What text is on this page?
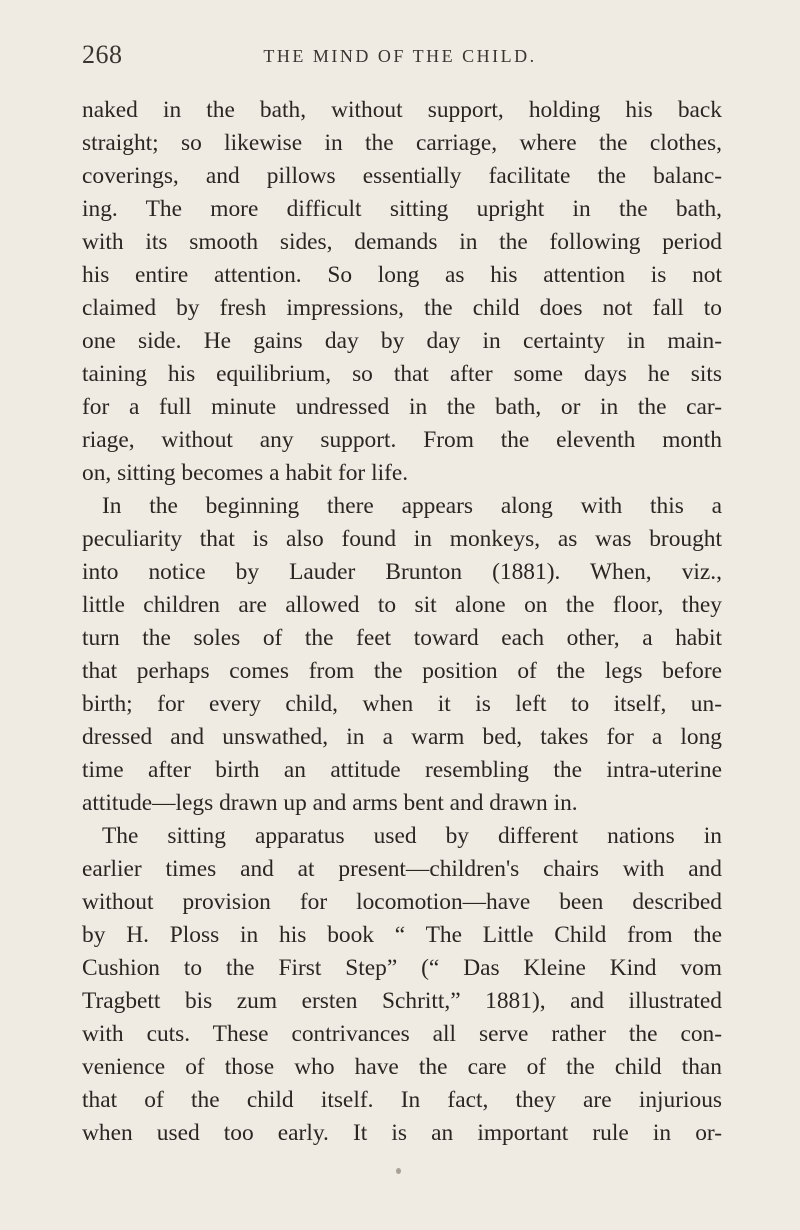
268	THE MIND OF THE CHILD.
naked in the bath, without support, holding his back
straight; so likewise in the carriage, where the clothes,
coverings, and pillows essentially facilitate the balanc-
ing. The more difficult sitting upright in the bath,
with its smooth sides, demands in the following period
his entire attention. So long as his attention is not
claimed by fresh impressions, the child does not fall to
one side. He gains day by day in certainty in main-
taining his equilibrium, so that after some days he sits
for a full minute undressed in the bath, or in the car-
riage, without any support. From the eleventh month
on, sitting becomes a habit for life.
In the beginning there appears along with this a
peculiarity that is also found in monkeys, as was brought
into notice by Lauder Brunton (1881). When, viz.,
little children are allowed to sit alone on the floor, they
turn the soles of the feet toward each other, a habit
that perhaps comes from the position of the legs before
birth; for every child, when it is left to itself, un-
dressed and unswathed, in a warm bed, takes for a long
time after birth an attitude resembling the intra-uterine
attitude—legs drawn up and arms bent and drawn in.
The sitting apparatus used by different nations in
earlier times and at present—children's chairs with and
without provision for locomotion—have been described
by H. Ploss in his book “ The Little Child from the
Cushion to the First Step” (“ Das Kleine Kind vom
Tragbett bis zum ersten Schritt,” 1881), and illustrated
with cuts. These contrivances all serve rather the con-
venience of those who have the care of the child than
that of the child itself. In fact, they are injurious
when used too early. It is an important rule in or-
